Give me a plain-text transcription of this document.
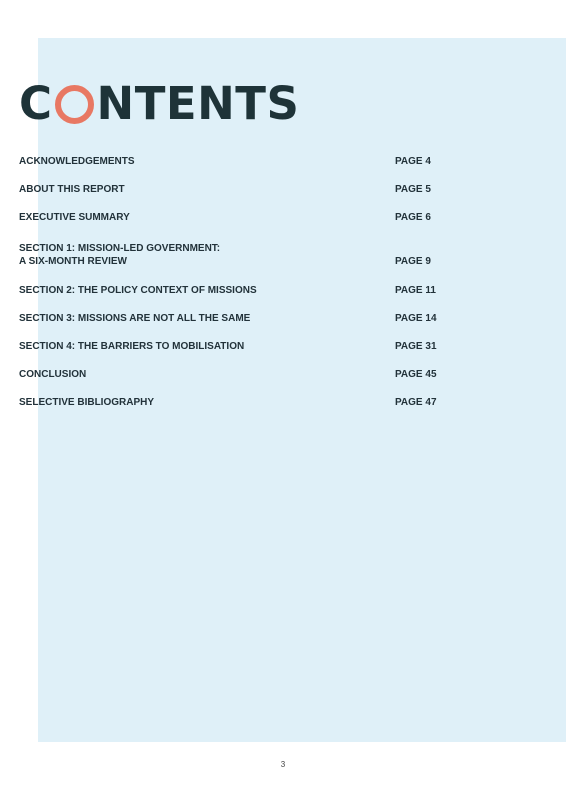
C NTENTS
ACKNOWLEDGEMENTS	PAGE 4
ABOUT THIS REPORT	PAGE 5
EXECUTIVE SUMMARY	PAGE 6
SECTION 1: MISSION-LED GOVERNMENT:
A SIX-MONTH REVIEW	PAGE 9
SECTION 2: THE POLICY CONTEXT OF MISSIONS	PAGE 11
SECTION 3: MISSIONS ARE NOT ALL THE SAME	PAGE 14
SECTION 4: THE BARRIERS TO MOBILISATION	PAGE 31
CONCLUSION	PAGE 45
SELECTIVE BIBLIOGRAPHY	PAGE 47
3
